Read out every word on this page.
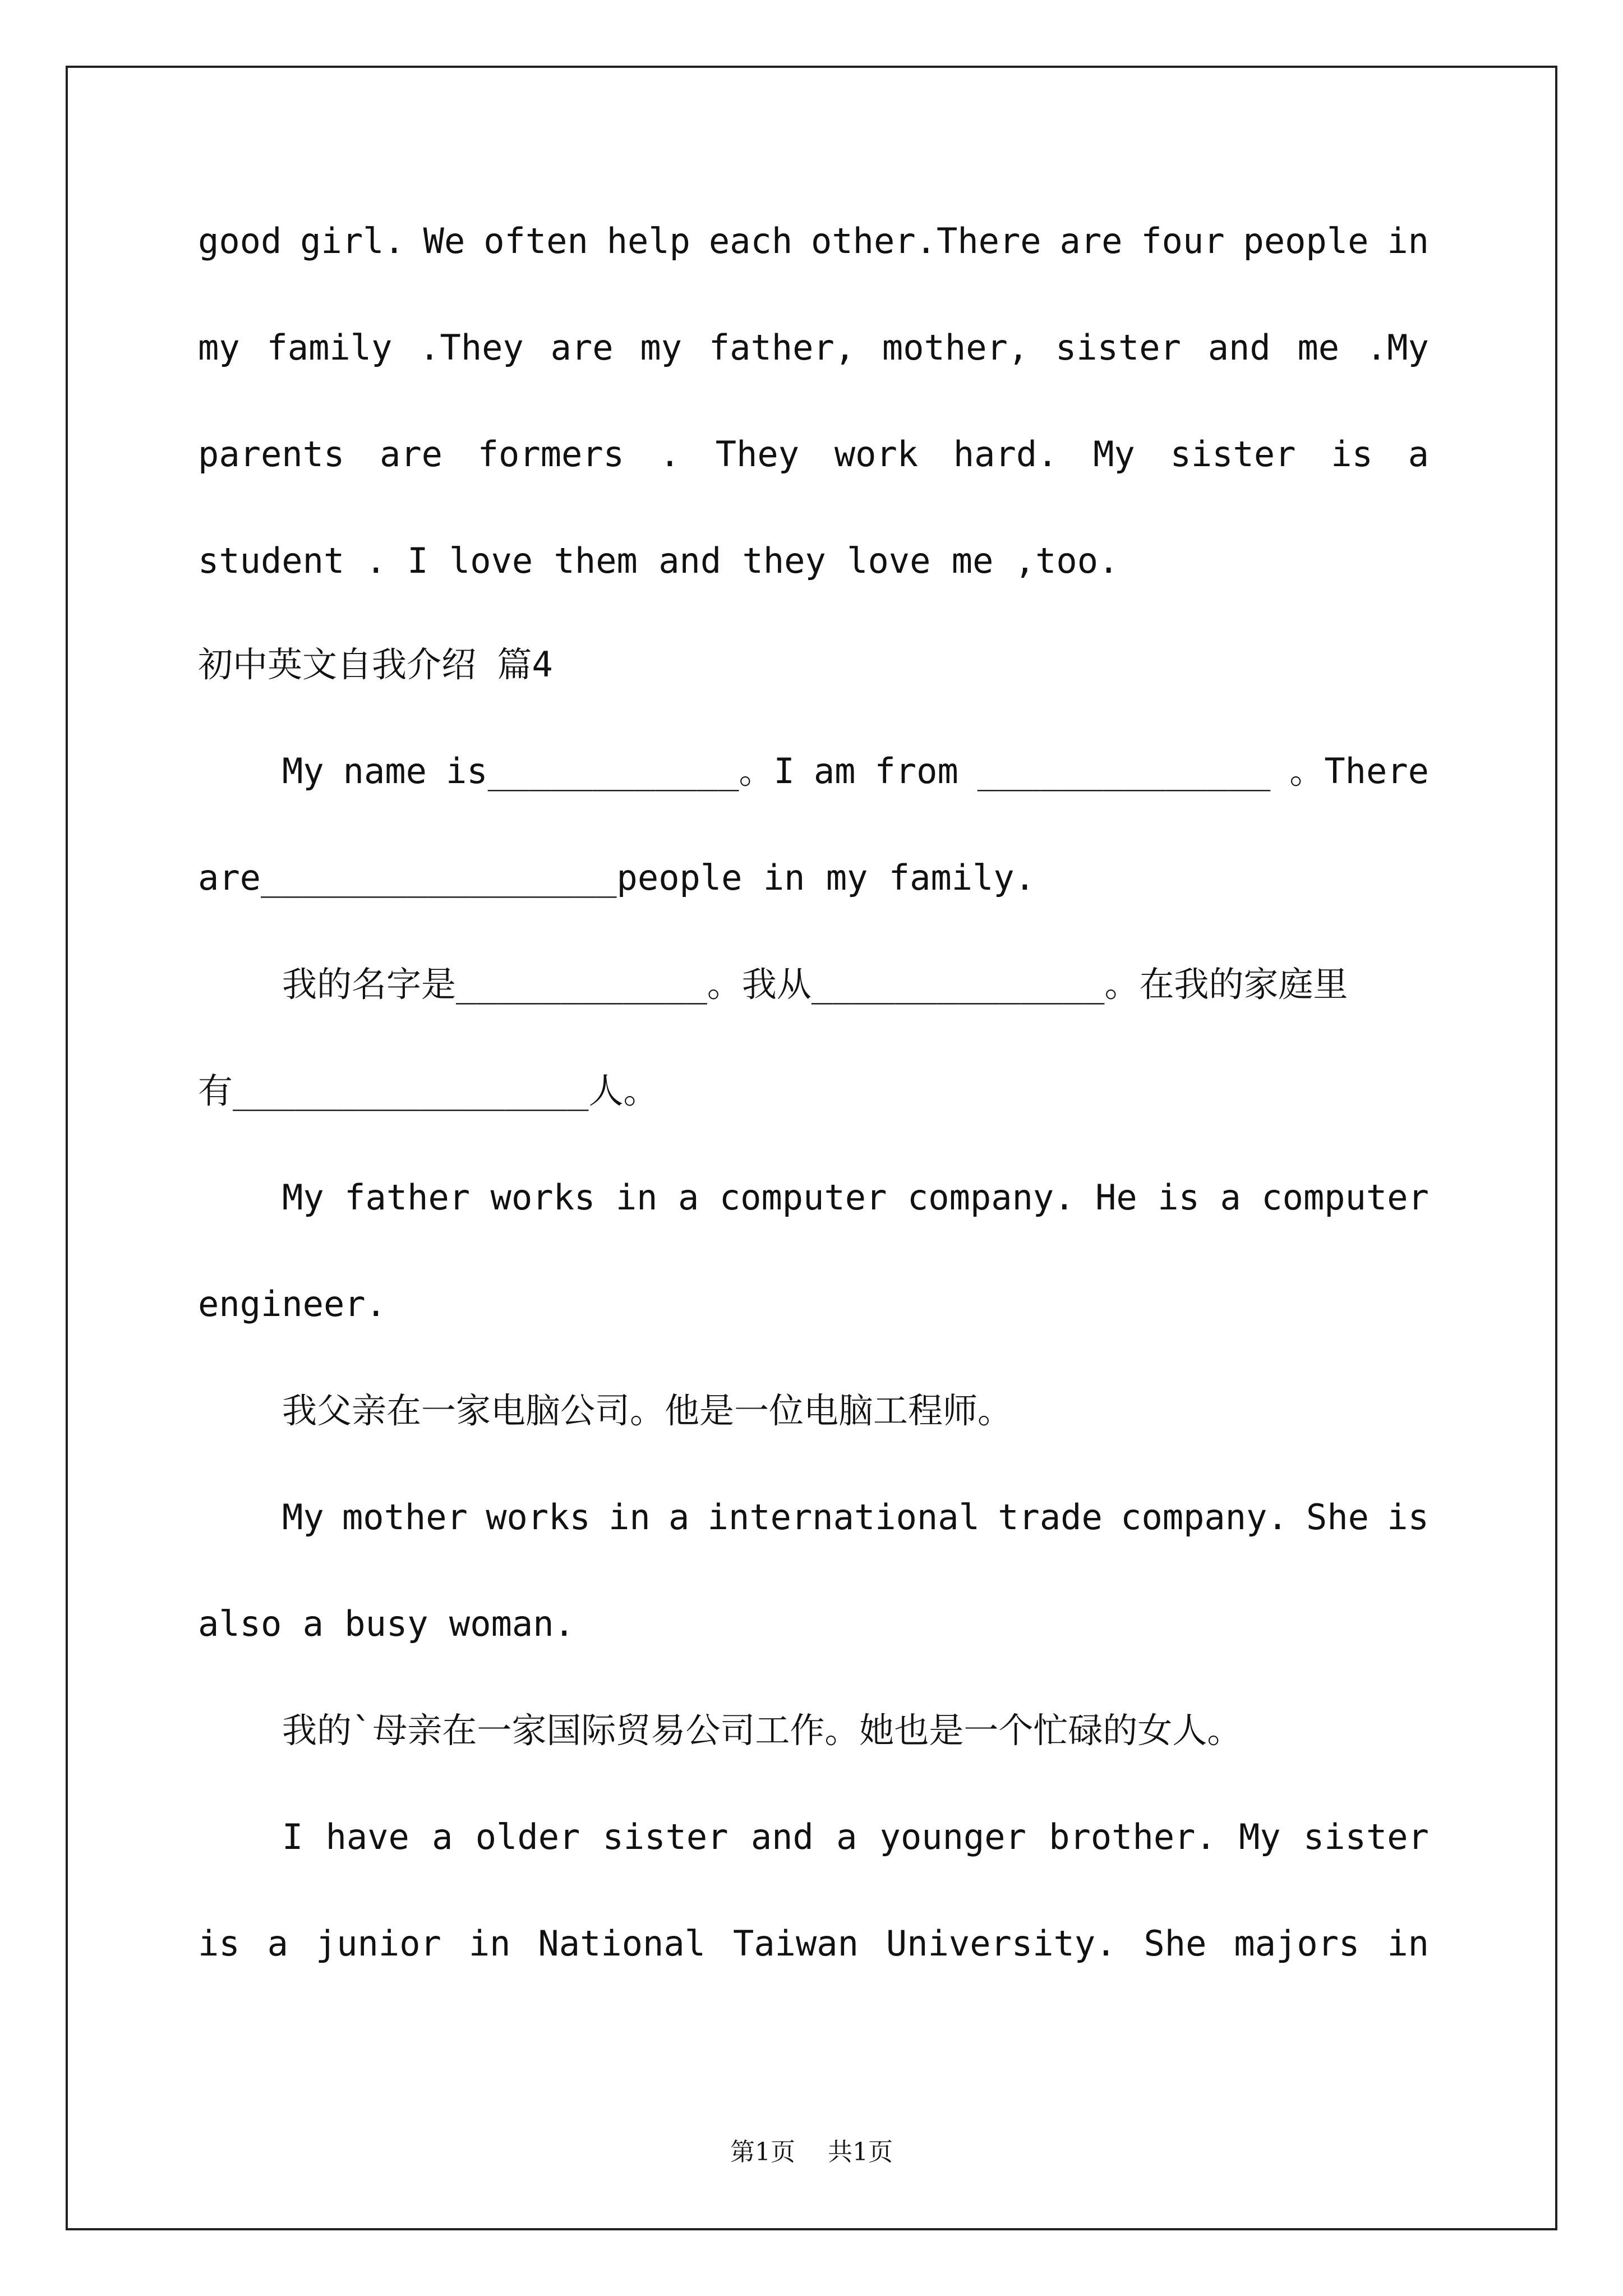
good girl. We often help each other.There are four people in
my family .They are my father, mother, sister and me .My
parents are formers . They work hard. My sister is a
student . I love them and they love me ,too.
初中英文自我介绍 篇4
My name is____________。I am from ______________ 。There
are_________________people in my family.
我的名字是____________。我从______________。在我的家庭里
有_________________人。
My father works in a computer company. He is a computer
engineer.
我父亲在一家电脑公司。他是一位电脑工程师。
My mother works in a international trade company. She is
also a busy woman.
我的`母亲在一家国际贸易公司工作。她也是一个忙碌的女人。
I have a older sister and a younger brother. My sister
is a junior in National Taiwan University. She majors in
第1页 共1页
